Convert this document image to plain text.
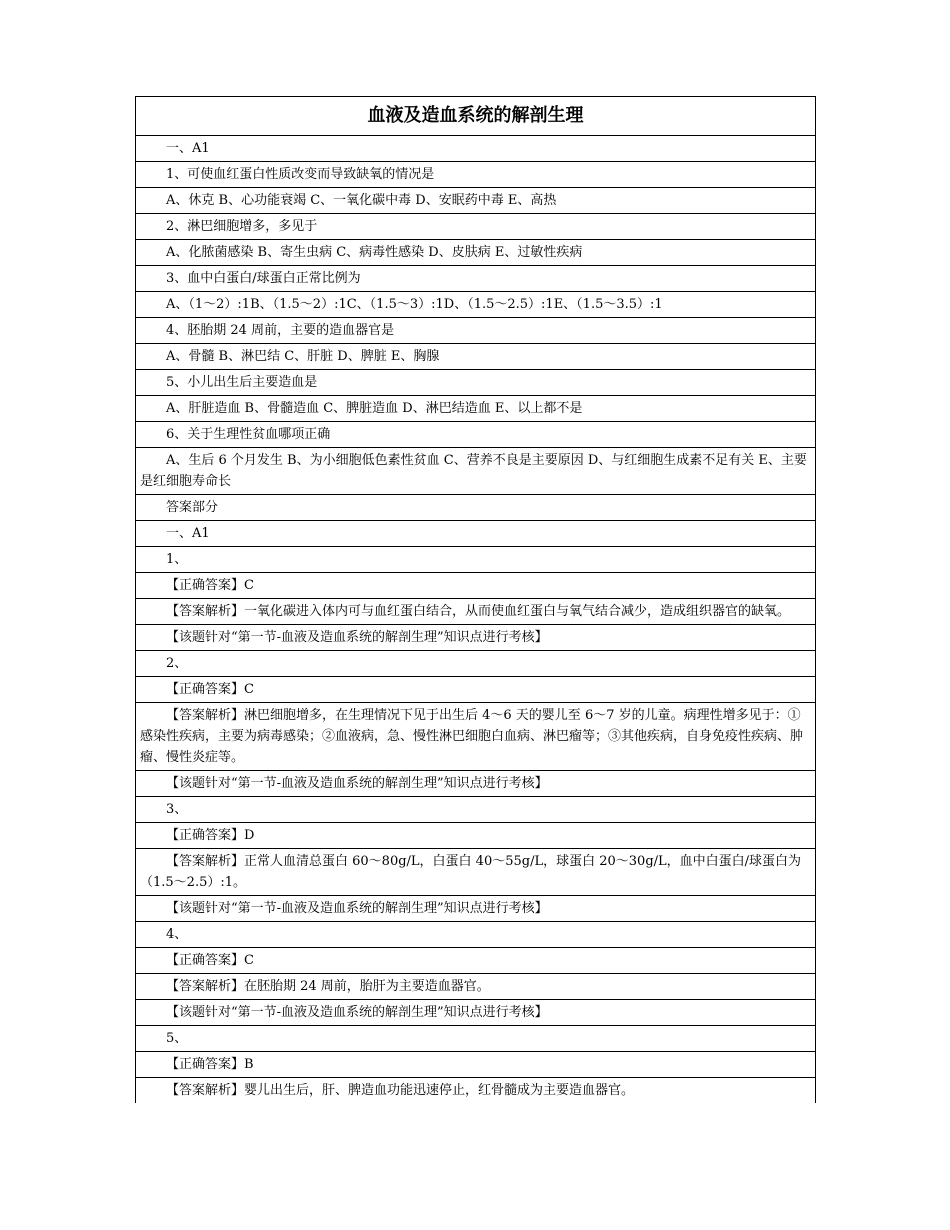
血液及造血系统的解剖生理
一、A1
1、可使血红蛋白性质改变而导致缺氧的情况是
A、休克 B、心功能衰竭 C、一氧化碳中毒 D、安眠药中毒 E、高热
2、淋巴细胞增多，多见于
A、化脓菌感染 B、寄生虫病 C、病毒性感染 D、皮肤病 E、过敏性疾病
3、血中白蛋白/球蛋白正常比例为
A、（1～2）:1B、（1.5～2）:1C、（1.5～3）:1D、（1.5～2.5）:1E、（1.5～3.5）:1
4、胚胎期 24 周前，主要的造血器官是
A、骨髓 B、淋巴结 C、肝脏 D、脾脏 E、胸腺
5、小儿出生后主要造血是
A、肝脏造血 B、骨髓造血 C、脾脏造血 D、淋巴结造血 E、以上都不是
6、关于生理性贫血哪项正确
A、生后 6 个月发生 B、为小细胞低色素性贫血 C、营养不良是主要原因 D、与红细胞生成素不足有关 E、主要是红细胞寿命长
答案部分
一、A1
1、
【正确答案】C
【答案解析】一氧化碳进入体内可与血红蛋白结合，从而使血红蛋白与氧气结合减少，造成组织器官的缺氧。
【该题针对“第一节-血液及造血系统的解剖生理”知识点进行考核】
2、
【正确答案】C
【答案解析】淋巴细胞增多，在生理情况下见于出生后 4～6 天的婴儿至 6～7 岁的儿童。病理性增多见于：①感染性疾病，主要为病毒感染；②血液病，急、慢性淋巴细胞白血病、淋巴瘤等；③其他疾病，自身免疫性疾病、肿瘤、慢性炎症等。
【该题针对“第一节-血液及造血系统的解剖生理”知识点进行考核】
3、
【正确答案】D
【答案解析】正常人血清总蛋白 60～80g/L，白蛋白 40～55g/L，球蛋白 20～30g/L，血中白蛋白/球蛋白为（1.5～2.5）:1。
【该题针对“第一节-血液及造血系统的解剖生理”知识点进行考核】
4、
【正确答案】C
【答案解析】在胚胎期 24 周前，胎肝为主要造血器官。
【该题针对“第一节-血液及造血系统的解剖生理”知识点进行考核】
5、
【正确答案】B
【答案解析】婴儿出生后，肝、脾造血功能迅速停止，红骨髓成为主要造血器官。
